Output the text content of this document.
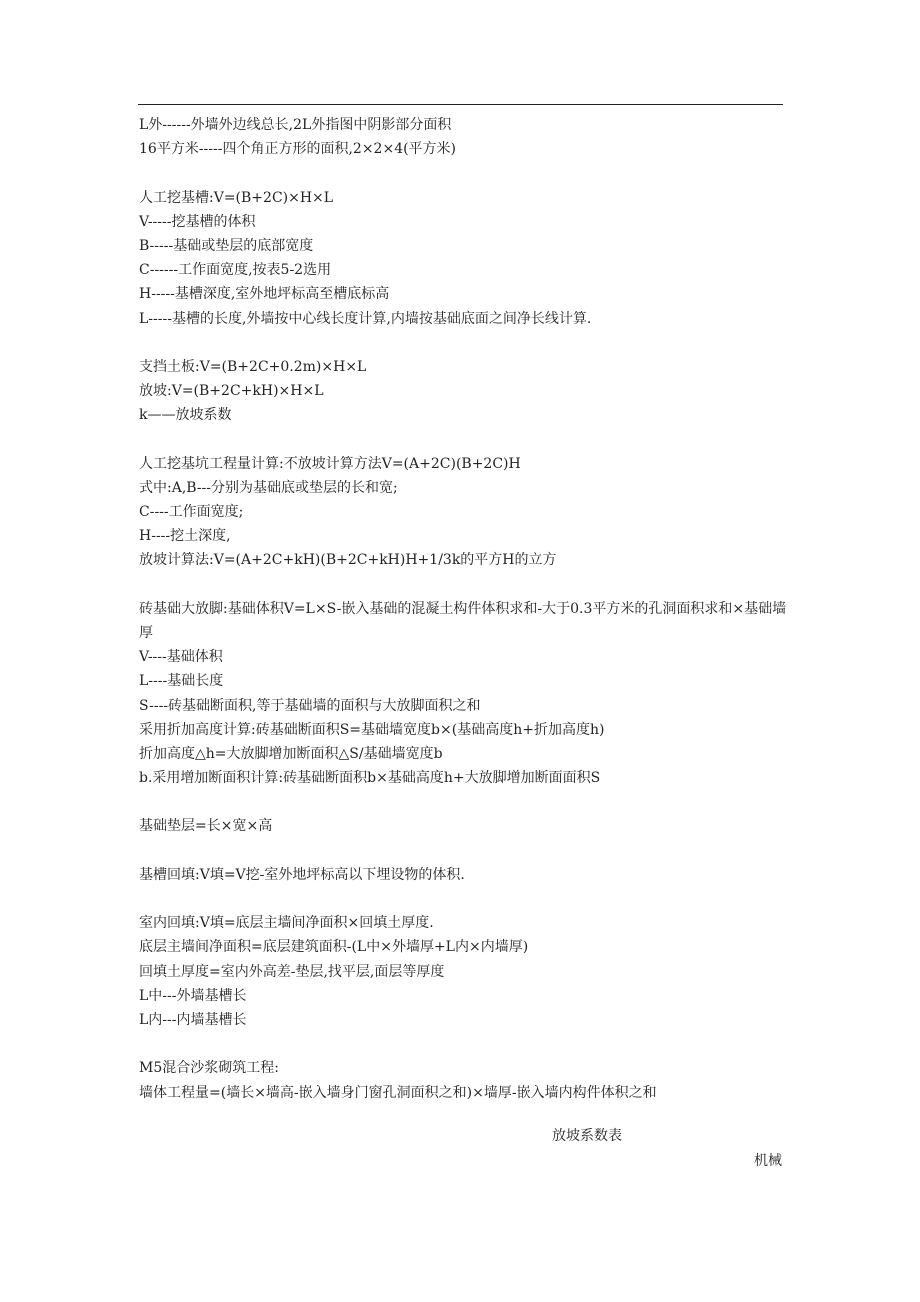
L外------外墙外边线总长,2L外指图中阴影部分面积
16平方米-----四个角正方形的面积,2×2×4(平方米)
人工挖基槽:V=(B+2C)×H×L
V-----挖基槽的体积
B-----基础或垫层的底部宽度
C------工作面宽度,按表5-2选用
H-----基槽深度,室外地坪标高至槽底标高
L-----基槽的长度,外墙按中心线长度计算,内墙按基础底面之间净长线计算.
支挡土板:V=(B+2C+0.2m)×H×L
放坡:V=(B+2C+kH)×H×L
k——放坡系数
人工挖基坑工程量计算:不放坡计算方法V=(A+2C)(B+2C)H
式中:A,B---分别为基础底或垫层的长和宽;
C----工作面宽度;
H----挖土深度,
放坡计算法:V=(A+2C+kH)(B+2C+kH)H+1/3k的平方H的立方
砖基础大放脚:基础体积V=L×S-嵌入基础的混凝土构件体积求和-大于0.3平方米的孔洞面积求和×基础墙厚
V----基础体积
L----基础长度
S----砖基础断面积,等于基础墙的面积与大放脚面积之和
采用折加高度计算:砖基础断面积S=基础墙宽度b×(基础高度h+折加高度h)
折加高度△h=大放脚增加断面积△S/基础墙宽度b
b.采用增加断面积计算:砖基础断面积b×基础高度h+大放脚增加断面面积S
基础垫层=长×宽×高
基槽回填:V填=V挖-室外地坪标高以下埋设物的体积.
室内回填:V填=底层主墙间净面积×回填土厚度.
底层主墙间净面积=底层建筑面积-(L中×外墙厚+L内×内墙厚)
回填土厚度=室内外高差-垫层,找平层,面层等厚度
L中---外墙基槽长
L内---内墙基槽长
M5混合沙浆砌筑工程:
墙体工程量=(墙长×墙高-嵌入墙身门窗孔洞面积之和)×墙厚-嵌入墙内构件体积之和
放坡系数表
机械
